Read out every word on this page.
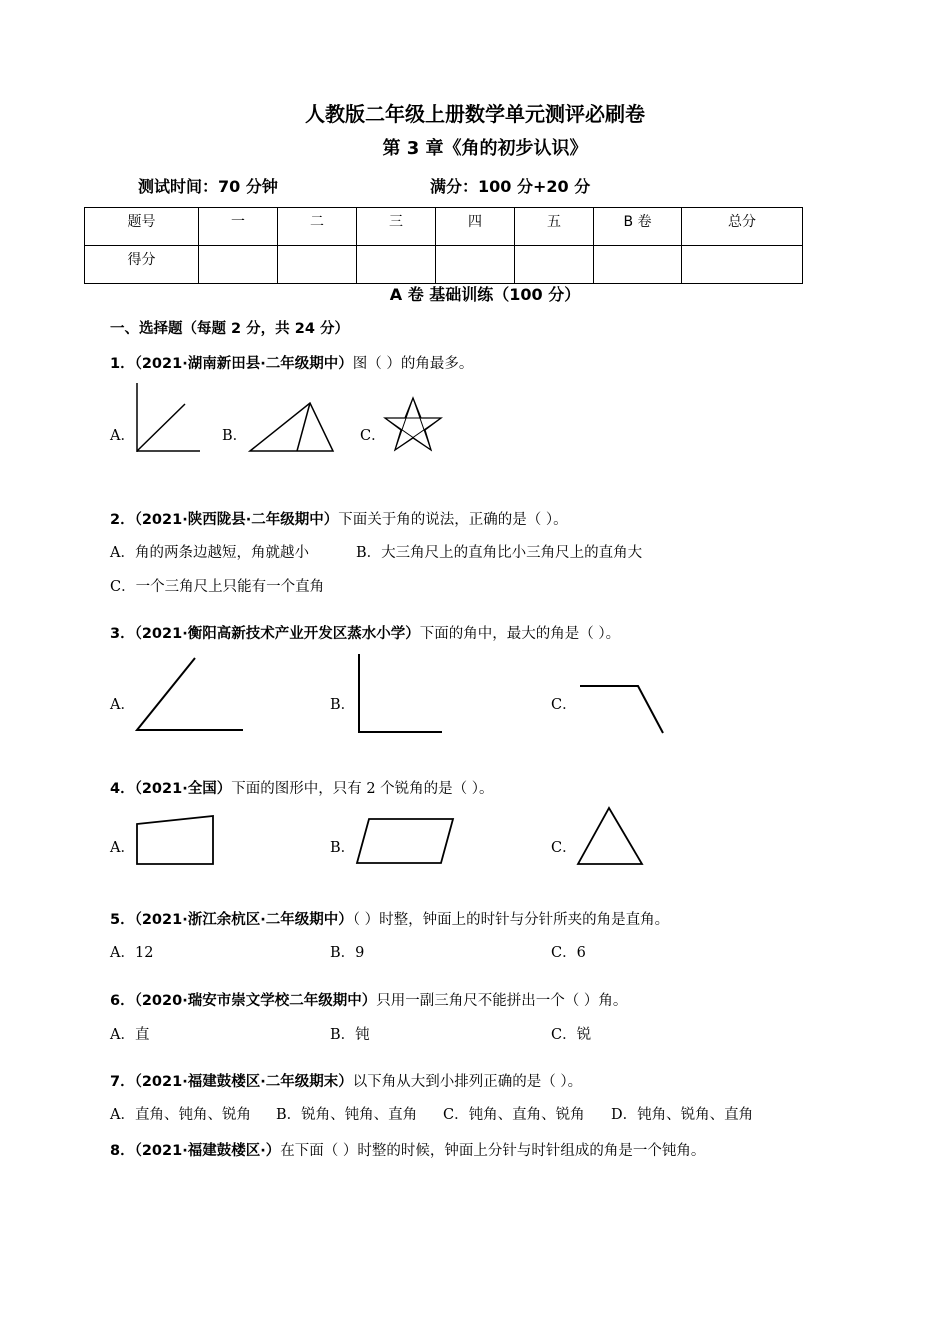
人教版二年级上册数学单元测评必刷卷
第 3 章《角的初步认识》
测试时间：70 分钟	满分：100 分+20 分
题号	一	二	三	四	五	B 卷	总分
得分							
A 卷 基础训练（100 分）
一、选择题（每题 2 分，共 24 分）
1．（2021·湖南新田县·二年级期中）图（ ）的角最多。
A．	B．	C．
2．（2021·陕西陇县·二年级期中）下面关于角的说法，正确的是（ ）。
A．角的两条边越短，角就越小	B．大三角尺上的直角比小三角尺上的直角大
C．一个三角尺上只能有一个直角
3．（2021·衡阳高新技术产业开发区蒸水小学）下面的角中，最大的角是（ ）。
A．	B．	C．
4．（2021·全国）下面的图形中，只有 2 个锐角的是（ ）。
A．	B．	C．
5．（2021·浙江余杭区·二年级期中）（ ）时整，钟面上的时针与分针所夹的角是直角。
A．12	B．9	C．6
6．（2020·瑞安市崇文学校二年级期中）只用一副三角尺不能拼出一个（ ）角。
A．直	B．钝	C．锐
7．（2021·福建鼓楼区·二年级期末）以下角从大到小排列正确的是（ ）。
A．直角、钝角、锐角 B．锐角、钝角、直角 C．钝角、直角、锐角 D．钝角、锐角、直角
8．（2021·福建鼓楼区·）在下面（ ）时整的时候，钟面上分针与时针组成的角是一个钝角。
